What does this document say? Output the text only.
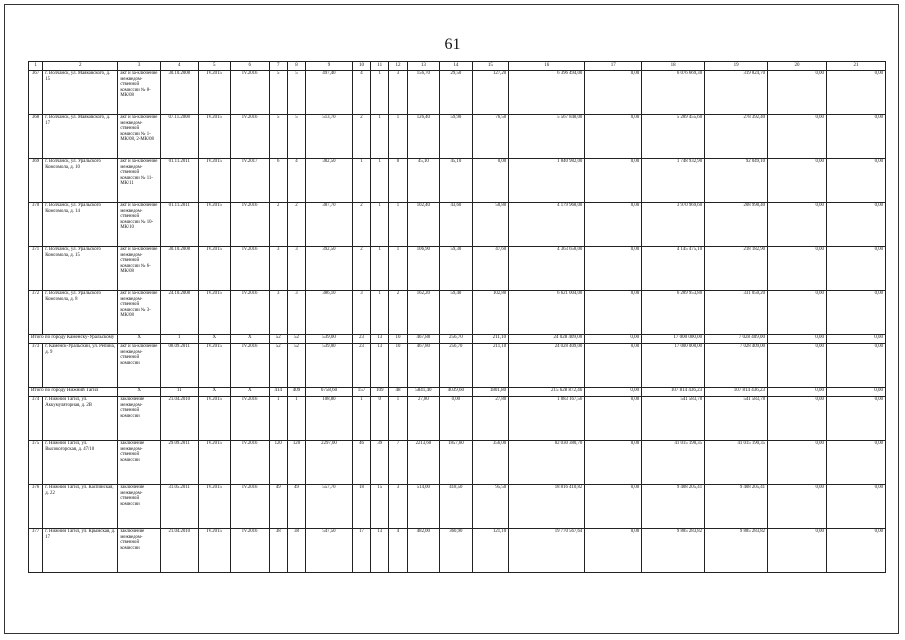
61
1	2	3	4	5	6	7	8	9	10	11	12	13	14	15	16	17	18	19	20	21
367	г. Волчанск, ул. Маяковского, д. 15	акт и за-ключение межведом-ственной комиссии № 8-МК/08	30.10.2008	IV.2015	IV.2016	5	5	497,40	4	1	3	156,70	29,50	127,20	6 396 494,00	0,00	6 076 669,30	319 824,70	0,00	0,00
368	г. Волчанск, ул. Маяковского, д. 17	акт и за-ключение межведом-ственной комиссии № 1-МК/08, 2-МК/08	07.11.2008	IV.2015	IV.2016	5	5	513,70	2	1	1	126,40	59,90	76,50	5 567 848,00	0,00	5 289 455,60	278 392,40	0,00	0,00
369	г. Волчанск, ул. Уральского Комсомола, д. 10	акт и за-ключение межведом-ственной комиссии № 11-МК/11	01.11.2011	IV.2015	IV.2017	6	4	382,50	1	1	0	45,10	45,10	0,00	1 840 982,00	0,00	1 748 932,90	92 049,10	0,00	0,00
370	г. Волчанск, ул. Уральского Комсомола, д. 14	акт и за-ключение межведом-ственной комиссии № 10-МК/10	01.11.2011	IV.2015	IV.2016	2	2	387,70	2	1	1	102,40	43,60	58,80	4 179 968,00	0,00	3 970 969,60	208 998,40	0,00	0,00
371	г. Волчанск, ул. Уральского Комсомола, д. 15	акт и за-ключение межведом-ственной комиссии № 6-МК/08	30.10.2008	IV.2015	IV.2016	3	3	392,50	2	1	1	106,90	59,30	47,60	4 363 658,00	0,00	4 145 475,10	218 182,90	0,00	0,00
372	г. Волчанск, ул. Уральского Комсомола, д. 8	акт и за-ключение межведом-ственной комиссии № 3-МК/08	24.10.2008	IV.2015	IV.2016	3	3	386,10	3	1	2	162,20	59,40	102,80	6 621 004,00	0,00	6 289 953,80	331 050,20	0,00	0,00
Итого по городу Каменску-Уральскому		X	1	X	X	52	52	539,00	23	13	10	467,80	256,70	211,10	24 028 409,00	0,00	17 000 000,00	7 028 409,00	0,00	0,00
373	г. Каменск-Уральский, ул. Репина, д. 9	акт и за-ключение межведом-ственной комиссии	08.09.2011	IV.2015	IV.2016	52	52	539,00	23	13	10	467,80	256,70	211,10	24 028 409,00	0,00	17 000 000,00	7 028 409,00	0,00	0,00
Итого по городу Нижний Тагил		X	11	X	X	414	409	6758,60	157	109	48	5841,40	4039,60	1801,80	215 628 872,46	0,00	107 814 436,23	107 814 436,23	0,00	0,00
374	г. Нижний Тагил, ул. Аккумуляторная, д. 2В	заключение межведом-ственной комиссии	21.04.2010	IV.2015	IV.2016	1	1	108,80	1	0	1	27,80	0,00	27,80	1 083 167,56	0,00	541 583,78	541 583,78	0,00	0,00
375	г. Нижний Тагил, ул. Высокогорская, д. 47/10	заключение межведом-ственной комиссии	29.09.2011	IV.2015	IV.2016	120	120	2297,00	46	39	7	2213,60	1857,60	356,00	82 030 380,70	0,00	41 015 190,35	41 015 190,35	0,00	0,00
376	г. Нижний Тагил, ул. Каспийская, д. 22	заключение межведом-ственной комиссии	31.05.2011	IV.2015	IV.2016	49	49	557,70	18	15	3	514,00	418,50	95,50	18 816 410,82	0,00	9 408 205,41	9 408 205,41	0,00	0,00
377	г. Нижний Тагил, ул. Крымская, д. 17	заключение межведом-ственной комиссии	21.04.2010	IV.2015	IV.2016	38	38	547,50	17	13	4	482,00	360,90	121,10	19 770 567,64	0,00	9 885 283,82	9 885 283,82	0,00	0,00
